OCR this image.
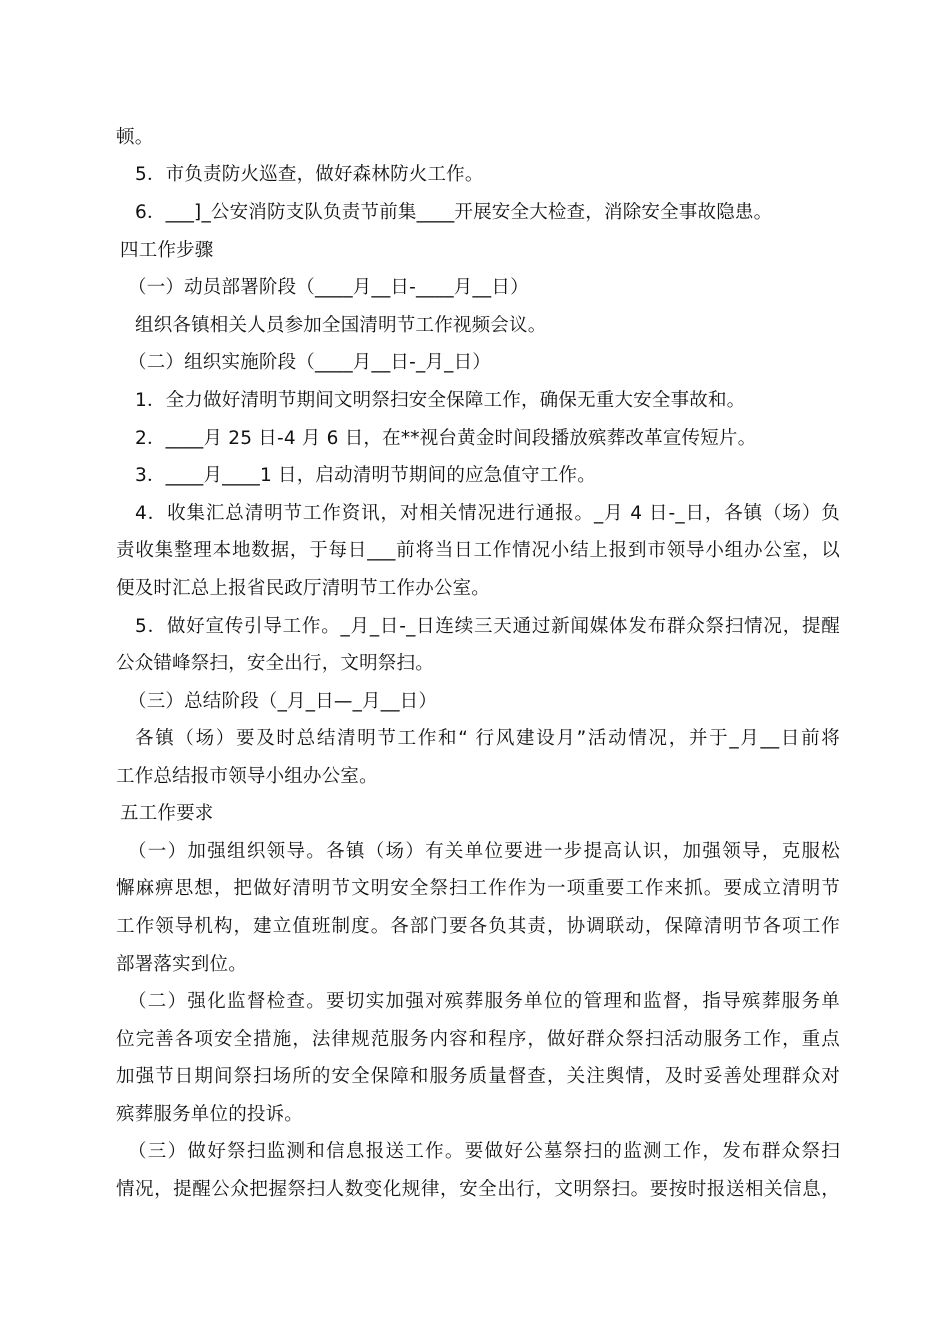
顿。
5．市负责防火巡查，做好森林防火工作。
6．___]_公安消防支队负责节前集____开展安全大检查，消除安全事故隐患。
四工作步骤
（一）动员部署阶段（____月__日-____月__日）
组织各镇相关人员参加全国清明节工作视频会议。
（二）组织实施阶段（____月__日-_月_日）
1．全力做好清明节期间文明祭扫安全保障工作，确保无重大安全事故和。
2．____月 25 日-4 月 6 日，在**视台黄金时间段播放殡葬改革宣传短片。
3．____月____1 日，启动清明节期间的应急值守工作。
4．收集汇总清明节工作资讯，对相关情况进行通报。_月 4 日-_日，各镇（场）负
责收集整理本地数据，于每日___前将当日工作情况小结上报到市领导小组办公室，以
便及时汇总上报省民政厅清明节工作办公室。
5．做好宣传引导工作。_月_日-_日连续三天通过新闻媒体发布群众祭扫情况，提醒
公众错峰祭扫，安全出行，文明祭扫。
（三）总结阶段（_月_日—_月__日）
各镇（场）要及时总结清明节工作和“ 行风建设月”活动情况，并于_月__日前将
工作总结报市领导小组办公室。
五工作要求
（一）加强组织领导。各镇（场）有关单位要进一步提高认识，加强领导，克服松
懈麻痹思想，把做好清明节文明安全祭扫工作作为一项重要工作来抓。要成立清明节
工作领导机构，建立值班制度。各部门要各负其责，协调联动，保障清明节各项工作
部署落实到位。
（二）强化监督检查。要切实加强对殡葬服务单位的管理和监督，指导殡葬服务单
位完善各项安全措施，法律规范服务内容和程序，做好群众祭扫活动服务工作，重点
加强节日期间祭扫场所的安全保障和服务质量督查，关注舆情，及时妥善处理群众对
殡葬服务单位的投诉。
（三）做好祭扫监测和信息报送工作。要做好公墓祭扫的监测工作，发布群众祭扫
情况，提醒公众把握祭扫人数变化规律，安全出行，文明祭扫。要按时报送相关信息，
